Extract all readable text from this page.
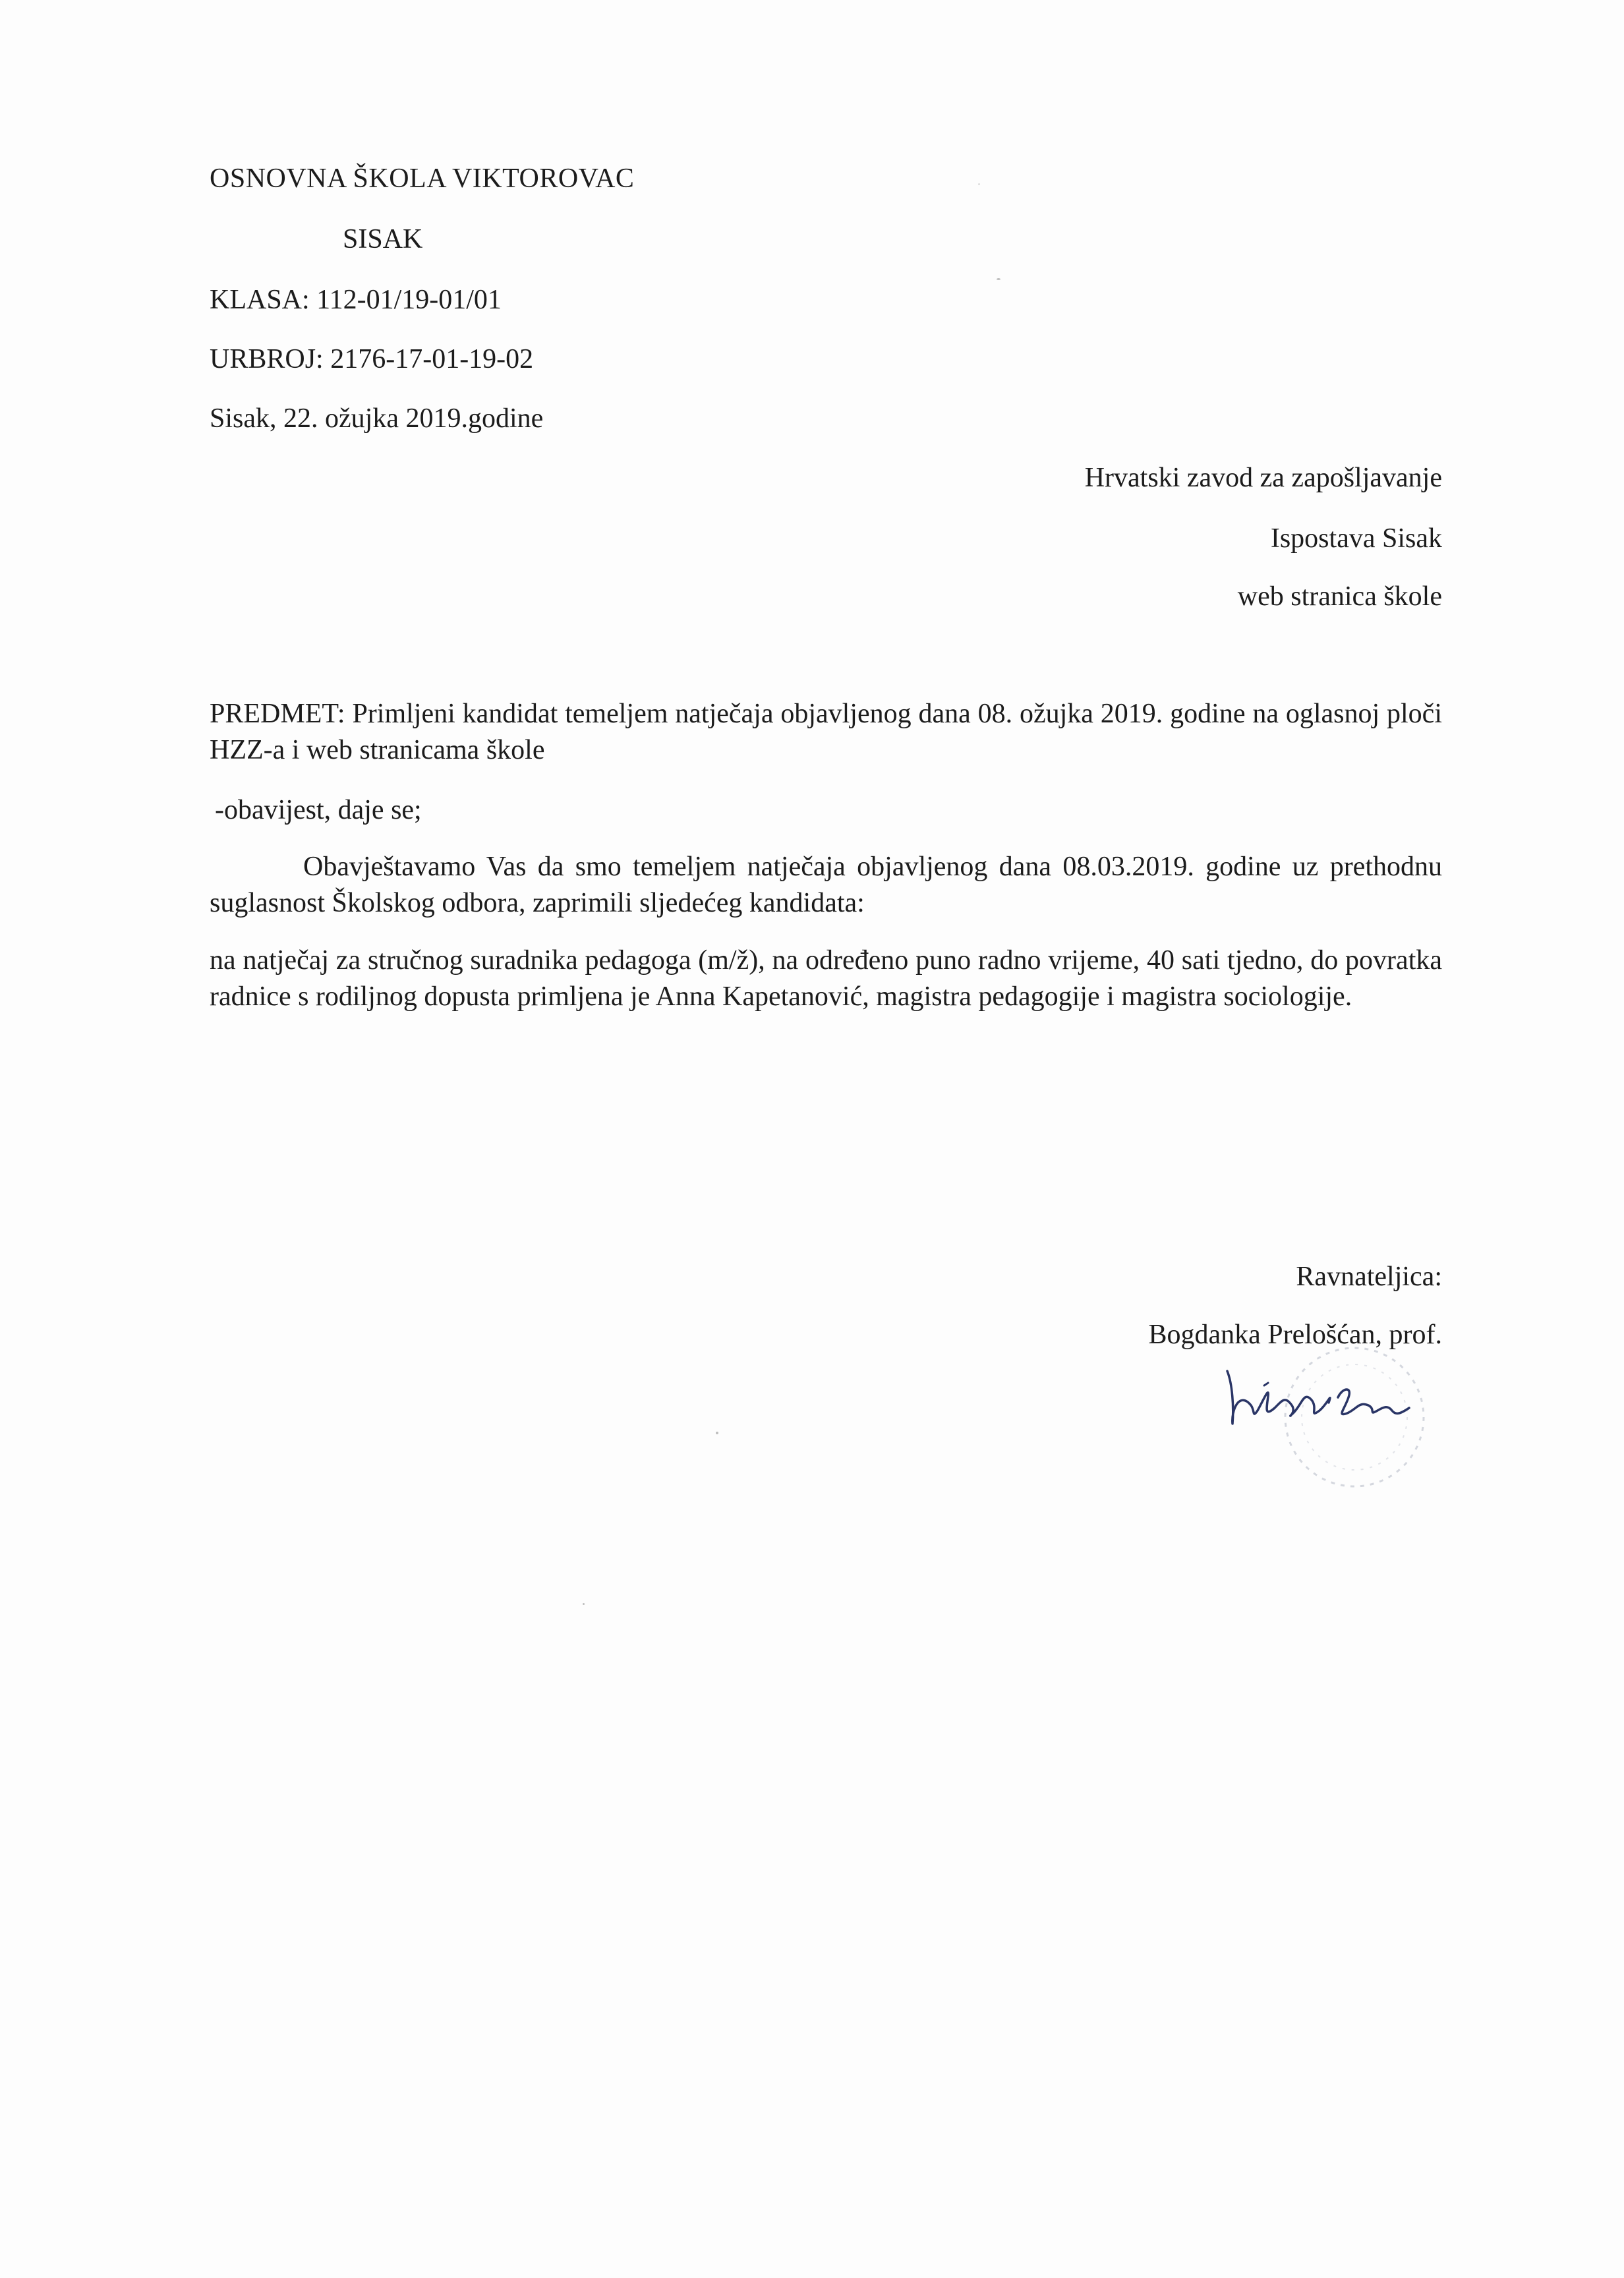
OSNOVNA ŠKOLA VIKTOROVAC

SISAK

KLASA: 112-01/19-01/01

URBROJ: 2176-17-01-19-02

Sisak, 22. ožujka 2019.godine

Hrvatski zavod za zapošljavanje

Ispostava Sisak

web stranica škole

PREDMET: Primljeni kandidat temeljem natječaja objavljenog dana 08. ožujka 2019. godine na oglasnoj ploči HZZ-a i web stranicama škole

-obavijest, daje se;

Obavještavamo Vas da smo temeljem natječaja objavljenog dana 08.03.2019. godine uz prethodnu suglasnost Školskog odbora, zaprimili sljedećeg kandidata:

na natječaj za stručnog suradnika pedagoga (m/ž), na određeno puno radno vrijeme, 40 sati tjedno, do povratka radnice s rodiljnog dopusta primljena je Anna Kapetanović, magistra pedagogije i magistra sociologije.

Ravnateljica:

Bogdanka Prelošćan, prof.
